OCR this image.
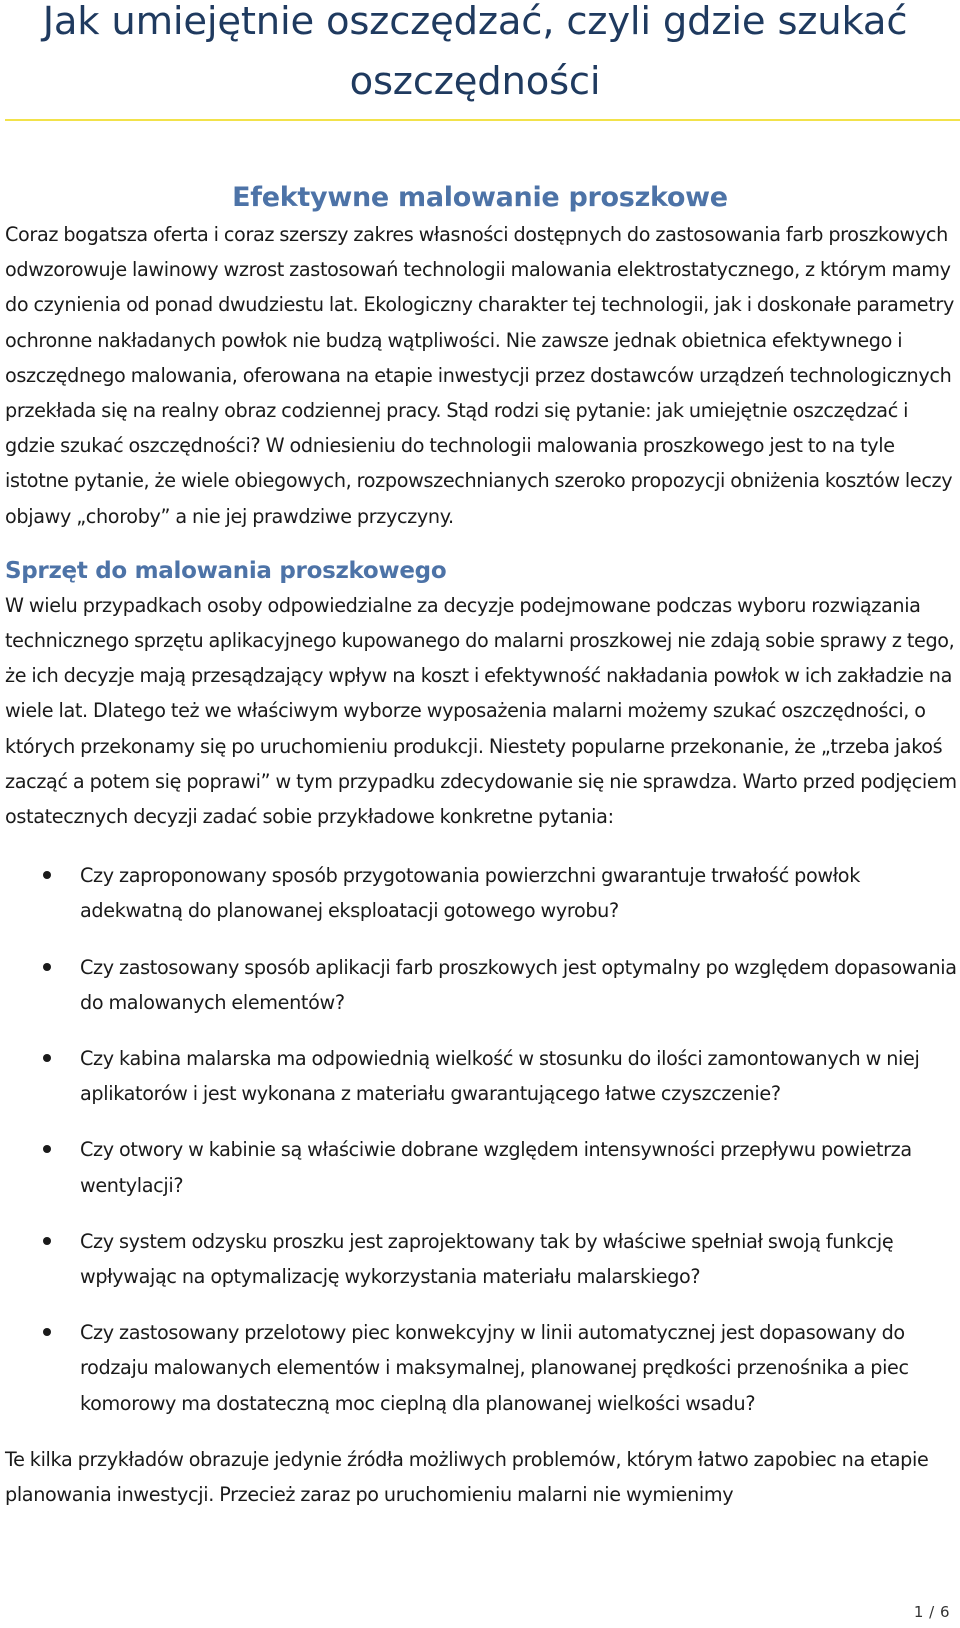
Jak umiejętnie oszczędzać, czyli gdzie szukać oszczędności
Efektywne malowanie proszkowe

Coraz bogatsza oferta i coraz szerszy zakres własności dostępnych do zastosowania farb proszkowych odwzorowuje lawinowy wzrost zastosowań technologii malowania elektrostatycznego, z którym mamy do czynienia od ponad dwudziestu lat. Ekologiczny charakter tej technologii, jak i doskonałe parametry ochronne nakładanych powłok nie budzą wątpliwości. Nie zawsze jednak obietnica efektywnego i oszczędnego malowania, oferowana na etapie inwestycji przez dostawców urządzeń technologicznych przekłada się na realny obraz codziennej pracy. Stąd rodzi się pytanie: jak umiejętnie oszczędzać i gdzie szukać oszczędności? W odniesieniu do technologii malowania proszkowego jest to na tyle istotne pytanie, że wiele obiegowych, rozpowszechnianych szeroko propozycji obniżenia kosztów leczy objawy „choroby” a nie jej prawdziwe przyczyny.

Sprzęt do malowania proszkowego

W wielu przypadkach osoby odpowiedzialne za decyzje podejmowane podczas wyboru rozwiązania technicznego sprzętu aplikacyjnego kupowanego do malarni proszkowej nie zdają sobie sprawy z tego, że ich decyzje mają przesądzający wpływ na koszt i efektywność nakładania powłok w ich zakładzie na wiele lat. Dlatego też we właściwym wyborze wyposażenia malarni możemy szukać oszczędności, o których przekonamy się po uruchomieniu produkcji. Niestety popularne przekonanie, że „trzeba jakoś zacząć a potem się poprawi” w tym przypadku zdecydowanie się nie sprawdza. Warto przed podjęciem ostatecznych decyzji zadać sobie przykładowe konkretne pytania:

Czy zaproponowany sposób przygotowania powierzchni gwarantuje trwałość powłok adekwatną do planowanej eksploatacji gotowego wyrobu?
Czy zastosowany sposób aplikacji farb proszkowych jest optymalny po względem dopasowania do malowanych elementów?
Czy kabina malarska ma odpowiednią wielkość w stosunku do ilości zamontowanych w niej aplikatorów i jest wykonana z materiału gwarantującego łatwe czyszczenie?
Czy otwory w kabinie są właściwie dobrane względem intensywności przepływu powietrza wentylacji?
Czy system odzysku proszku jest zaprojektowany tak by właściwe spełniał swoją funkcję wpływając na optymalizację wykorzystania materiału malarskiego?
Czy zastosowany przelotowy piec konwekcyjny w linii automatycznej jest dopasowany do rodzaju malowanych elementów i maksymalnej, planowanej prędkości przenośnika a piec komorowy ma dostateczną moc cieplną dla planowanej wielkości wsadu?

Te kilka przykładów obrazuje jedynie źródła możliwych problemów, którym łatwo zapobiec na etapie planowania inwestycji. Przecież zaraz po uruchomieniu malarni nie wymienimy

1 / 6
